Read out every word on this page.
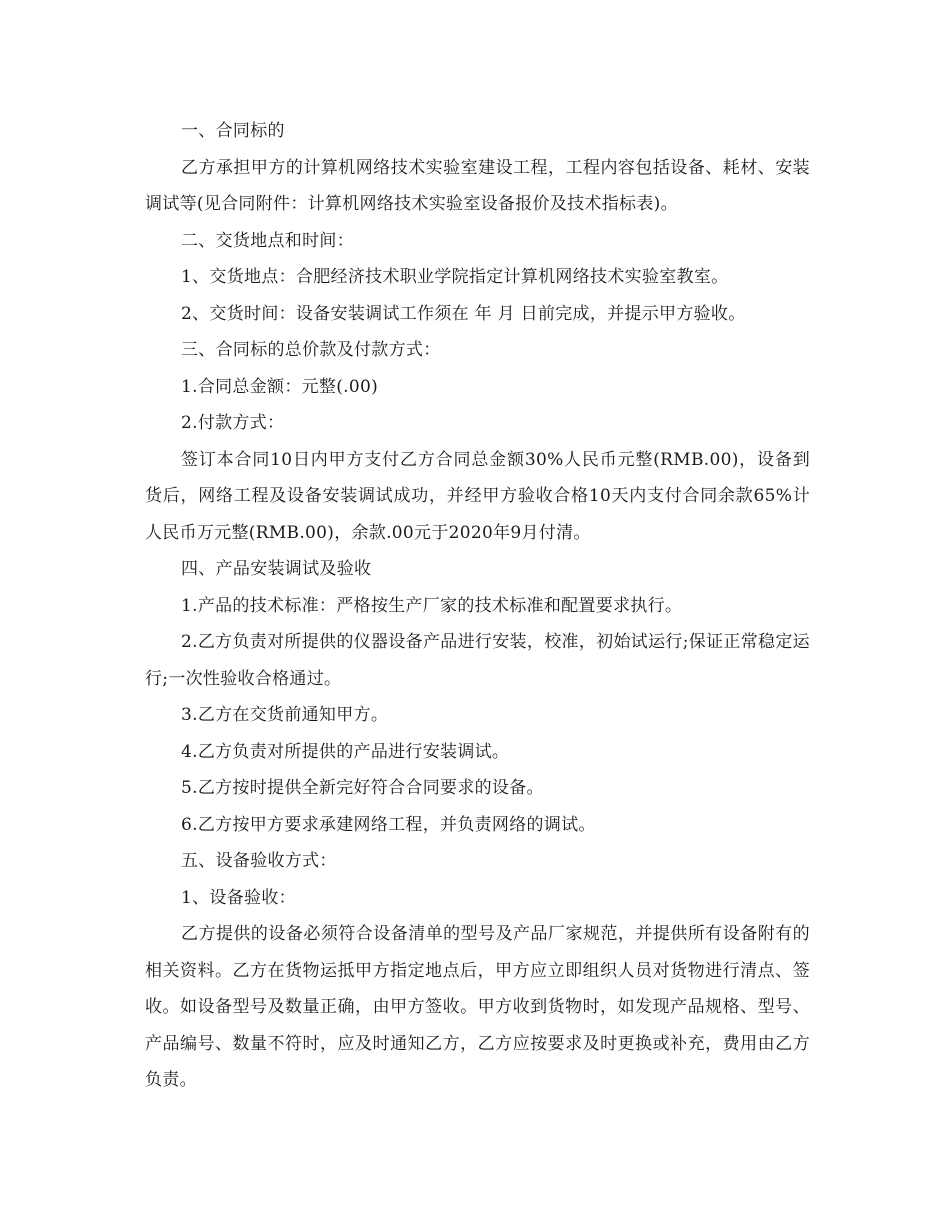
一、合同标的

乙方承担甲方的计算机网络技术实验室建设工程，工程内容包括设备、耗材、安装调试等(见合同附件：计算机网络技术实验室设备报价及技术指标表)。

二、交货地点和时间：

1、交货地点：合肥经济技术职业学院指定计算机网络技术实验室教室。

2、交货时间：设备安装调试工作须在 年 月 日前完成，并提示甲方验收。

三、合同标的总价款及付款方式：

1.合同总金额：元整(.00)

2.付款方式：

签订本合同10日内甲方支付乙方合同总金额30%人民币元整(RMB.00)，设备到货后，网络工程及设备安装调试成功，并经甲方验收合格10天内支付合同余款65%计人民币万元整(RMB.00)，余款.00元于2020年9月付清。

四、产品安装调试及验收

1.产品的技术标准：严格按生产厂家的技术标准和配置要求执行。

2.乙方负责对所提供的仪器设备产品进行安装，校准，初始试运行;保证正常稳定运行;一次性验收合格通过。

3.乙方在交货前通知甲方。

4.乙方负责对所提供的产品进行安装调试。

5.乙方按时提供全新完好符合合同要求的设备。

6.乙方按甲方要求承建网络工程，并负责网络的调试。

五、设备验收方式：

1、设备验收：

乙方提供的设备必须符合设备清单的型号及产品厂家规范，并提供所有设备附有的相关资料。乙方在货物运抵甲方指定地点后，甲方应立即组织人员对货物进行清点、签收。如设备型号及数量正确，由甲方签收。甲方收到货物时，如发现产品规格、型号、产品编号、数量不符时，应及时通知乙方，乙方应按要求及时更换或补充，费用由乙方负责。
